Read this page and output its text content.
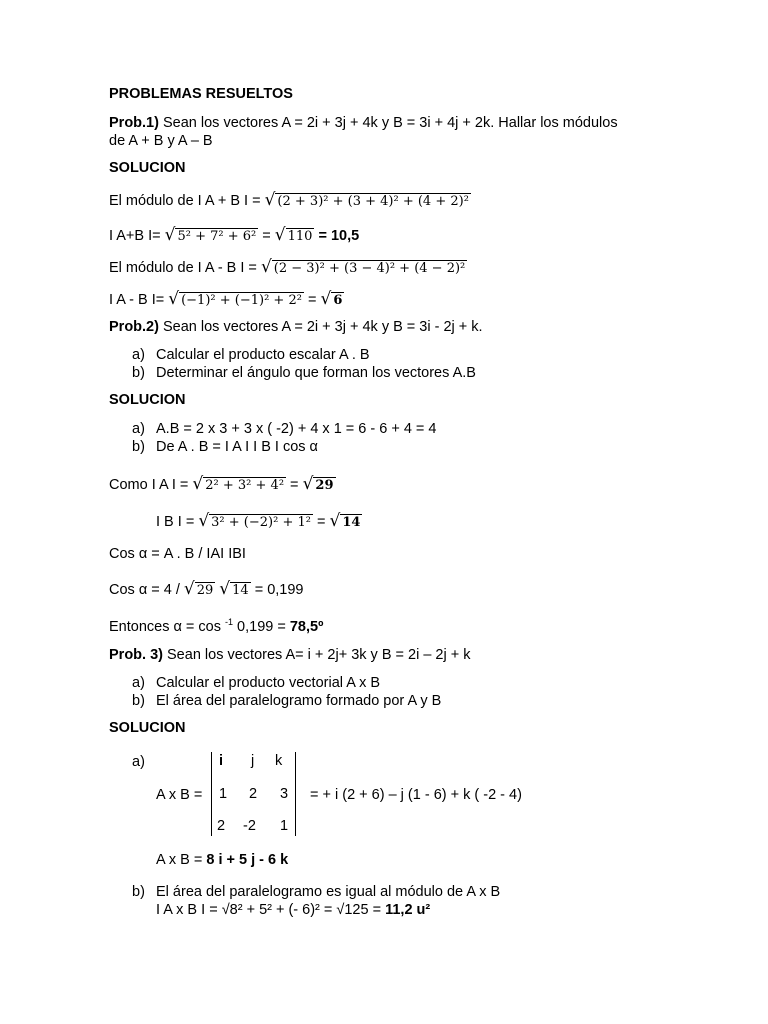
PROBLEMAS RESUELTOS
Prob.1) Sean los vectores A = 2i + 3j + 4k y B = 3i + 4j + 2k. Hallar los módulos
de A + B y A – B
SOLUCION
El módulo de I A + B I = √ (2 + 3)² + (3 + 4)² + (4 + 2)²
I A+B I= √ 5² + 7² + 6² = √ 110 = 10,5
El módulo de I A - B I = √ (2 − 3)² + (3 − 4)² + (4 − 2)²
I A - B I= √ (−1)² + (−1)² + 2² = √ 6
Prob.2) Sean los vectores A = 2i + 3j + 4k y B = 3i - 2j + k.
a) Calcular el producto escalar A . B
b) Determinar el ángulo que forman los vectores A.B
SOLUCION
a) A.B = 2 x 3 + 3 x ( -2) + 4 x 1 = 6 - 6 + 4 = 4
b) De A . B = I A I I B I cos α
Como I A I = √ 2² + 3² + 4² = √ 29
I B I = √ 3² + (−2)² + 1² = √ 14
Cos α = A . B / IAI IBI
Cos α = 4 / √ 29 √ 14 = 0,199
Entonces α = cos $^{-1}$ 0,199 = 78,5º
Prob. 3) Sean los vectores A= i + 2j+ 3k y B = 2i – 2j + k
a) Calcular el producto vectorial A x B
b) El área del paralelogramo formado por A y B
SOLUCION
a)
A x B =
i j k
1 2 3
2 -2 1
= + i (2 + 6) – j (1 - 6) + k ( -2 - 4)
A x B = 8 i + 5 j - 6 k
b) El área del paralelogramo es igual al módulo de A x B
I A x B I = √8² + 5² + (- 6)² = √125 = 11,2 u²
